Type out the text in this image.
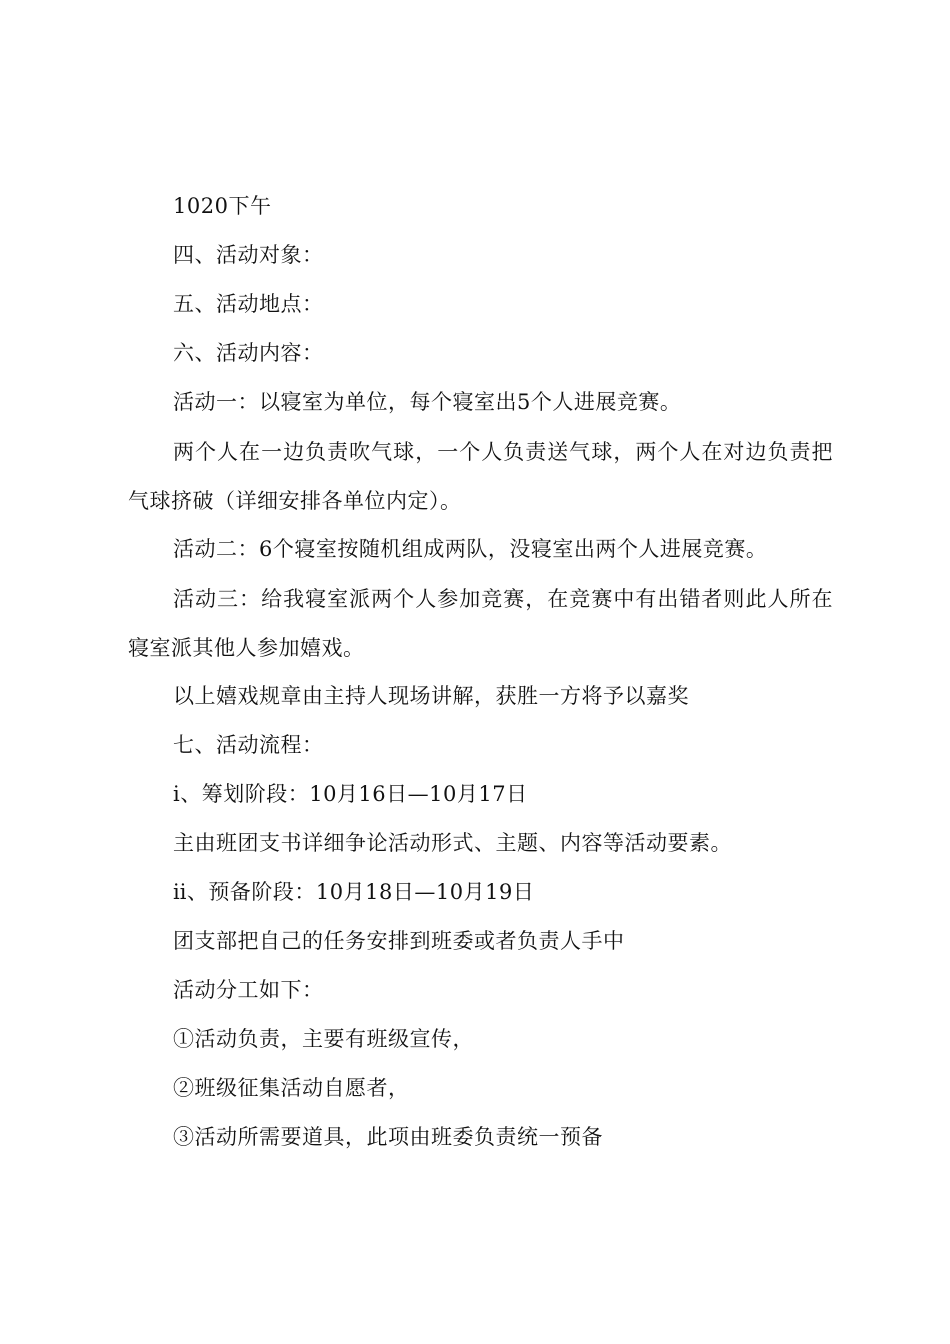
1020下午
四、活动对象：
五、活动地点：
六、活动内容：
活动一：以寝室为单位，每个寝室出5个人进展竞赛。
两个人在一边负责吹气球，一个人负责送气球，两个人在对边负责把气球挤破（详细安排各单位内定）。
活动二：6个寝室按随机组成两队，没寝室出两个人进展竞赛。
活动三：给我寝室派两个人参加竞赛，在竞赛中有出错者则此人所在寝室派其他人参加嬉戏。
以上嬉戏规章由主持人现场讲解，获胜一方将予以嘉奖
七、活动流程：
ⅰ、筹划阶段：10月16日—10月17日
主由班团支书详细争论活动形式、主题、内容等活动要素。
ⅱ、预备阶段：10月18日—10月19日
团支部把自己的任务安排到班委或者负责人手中
活动分工如下：
①活动负责，主要有班级宣传，
②班级征集活动自愿者，
③活动所需要道具，此项由班委负责统一预备
